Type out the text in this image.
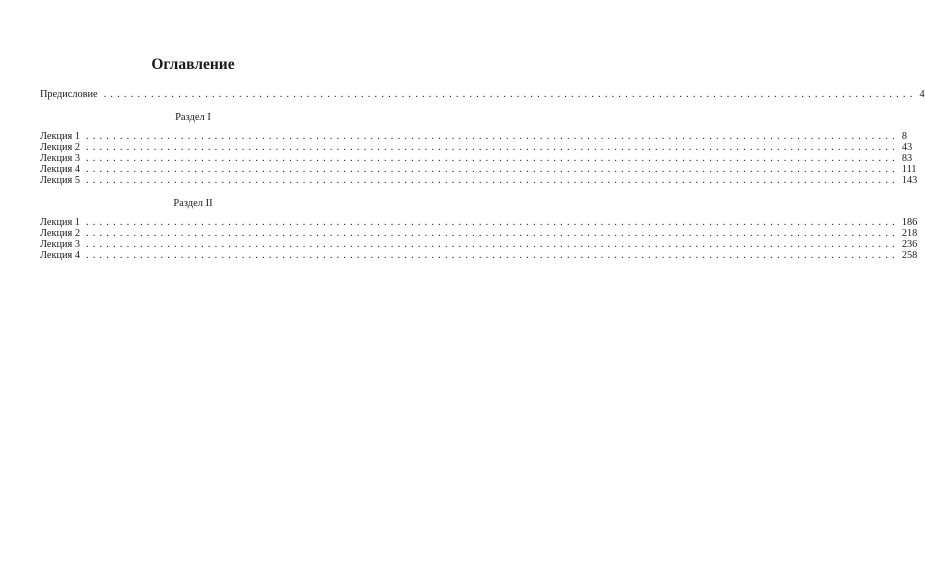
Оглавление
Предисловие ........................................................................................................................ 4
Раздел I
Лекция 1 ........................................................................................................................ 8
Лекция 2 ........................................................................................................................ 43
Лекция 3 ........................................................................................................................ 83
Лекция 4 ........................................................................................................................ 111
Лекция 5 ........................................................................................................................ 143
Раздел II
Лекция 1 ........................................................................................................................ 186
Лекция 2 ........................................................................................................................ 218
Лекция 3 ........................................................................................................................ 236
Лекция 4 ........................................................................................................................ 258
